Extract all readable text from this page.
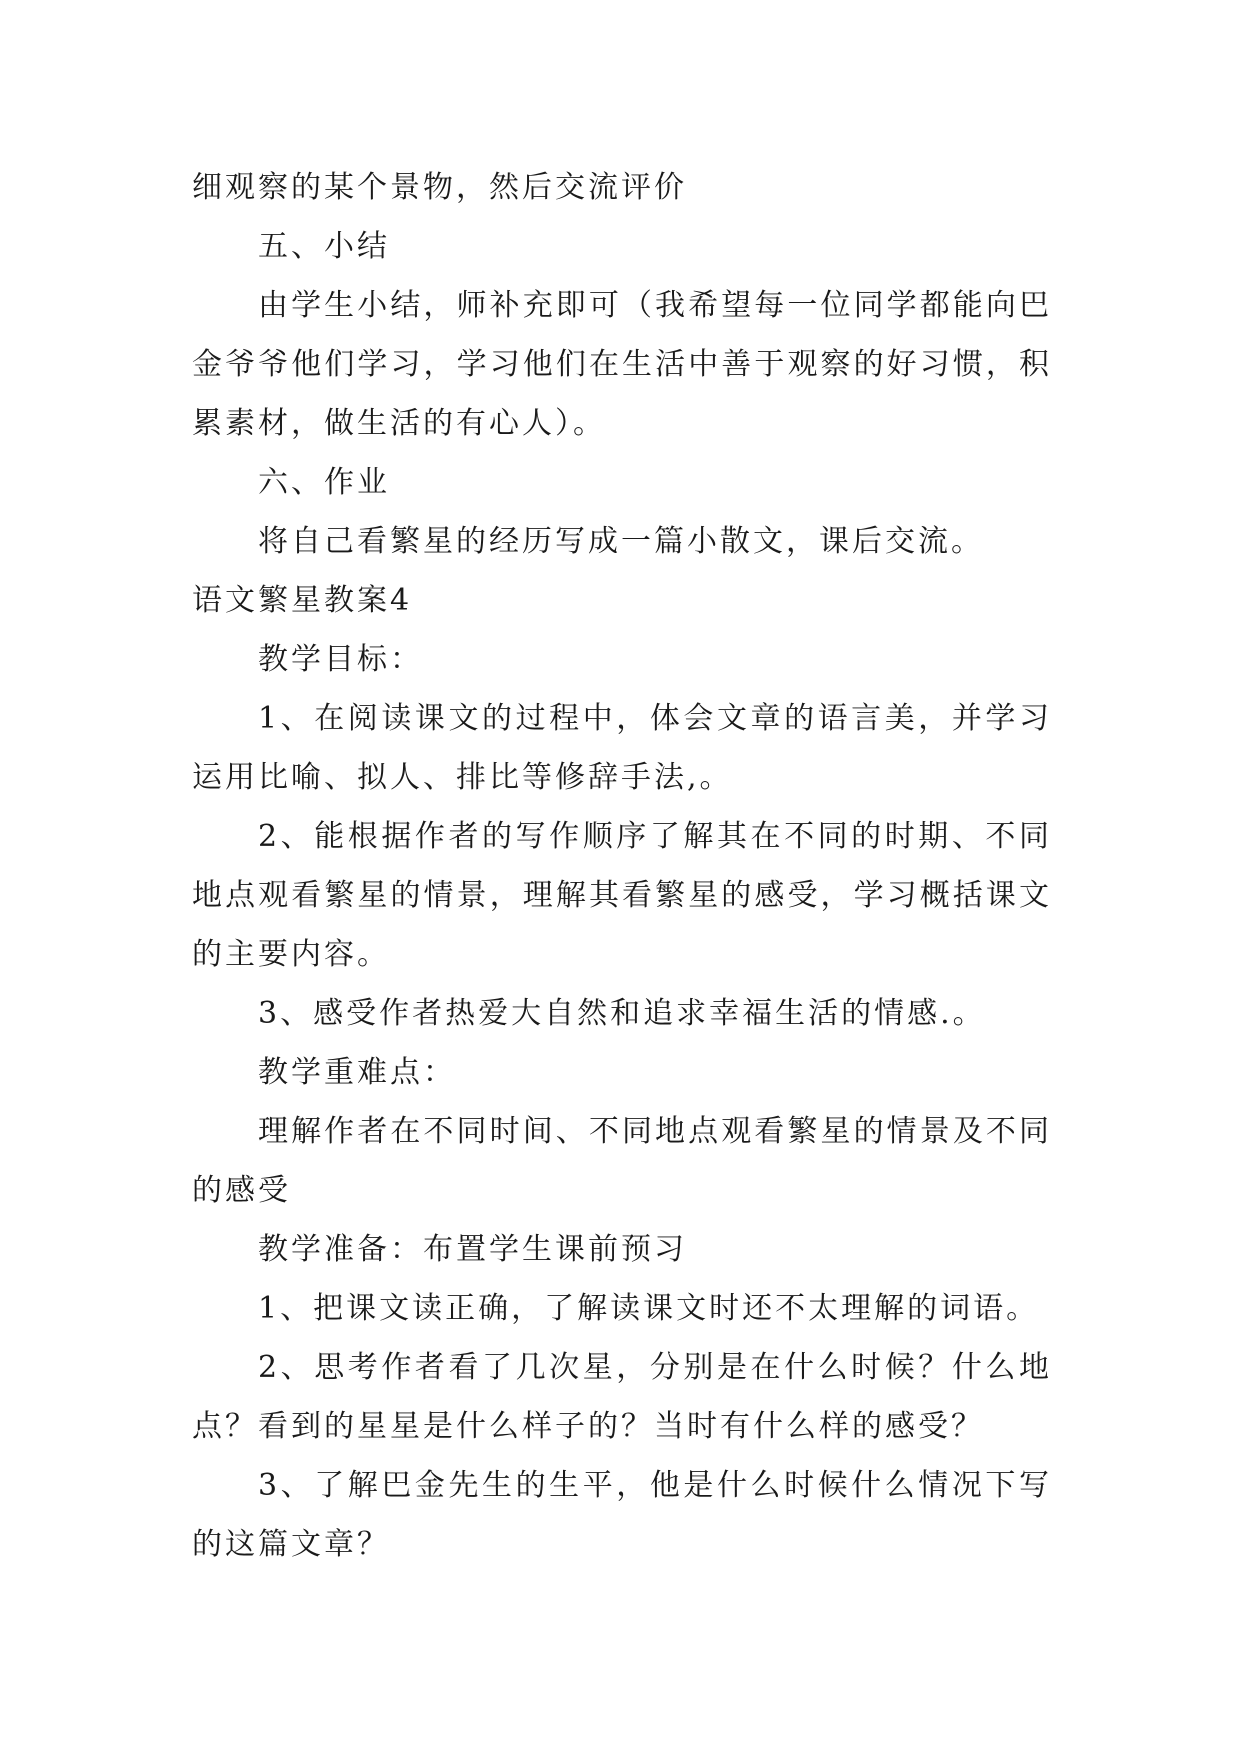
细观察的某个景物，然后交流评价

五、小结

由学生小结，师补充即可（我希望每一位同学都能向巴金爷爷他们学习，学习他们在生活中善于观察的好习惯，积累素材，做生活的有心人）。

六、作业

将自己看繁星的经历写成一篇小散文，课后交流。

语文繁星教案4

教学目标：

1、在阅读课文的过程中，体会文章的语言美，并学习运用比喻、拟人、排比等修辞手法,。

2、能根据作者的写作顺序了解其在不同的时期、不同地点观看繁星的情景，理解其看繁星的感受，学习概括课文的主要内容。

3、感受作者热爱大自然和追求幸福生活的情感.。

教学重难点：

理解作者在不同时间、不同地点观看繁星的情景及不同的感受

教学准备：布置学生课前预习

1、把课文读正确，了解读课文时还不太理解的词语。

2、思考作者看了几次星，分别是在什么时候？什么地点？看到的星星是什么样子的？当时有什么样的感受？

3、了解巴金先生的生平，他是什么时候什么情况下写的这篇文章？
